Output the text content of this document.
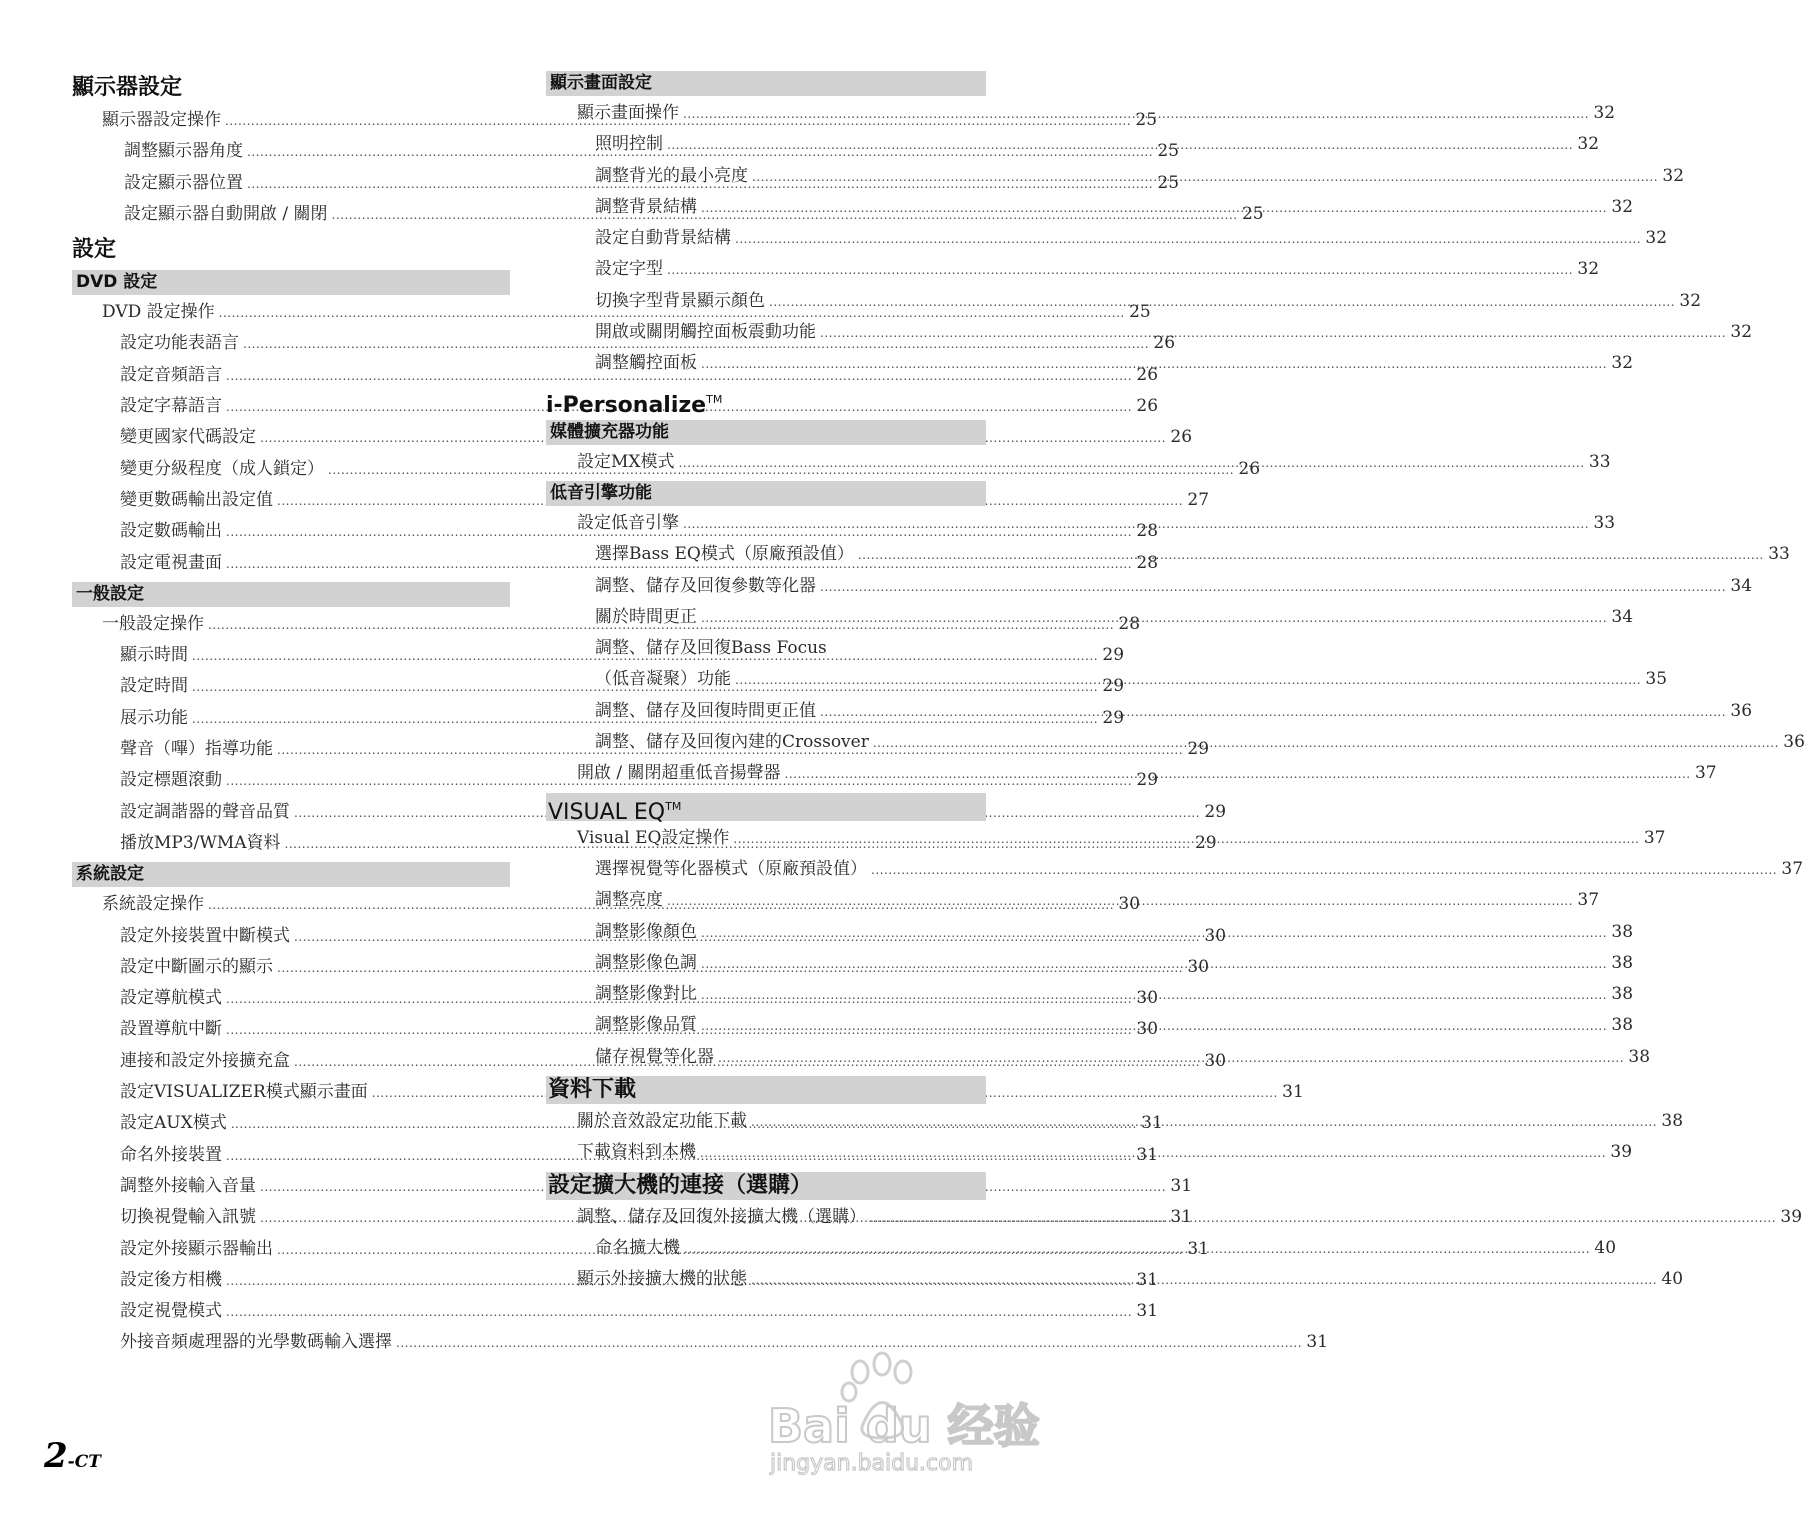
顯示器設定
顯示器設定操作 .....	25
調整顯示器角度 .....	25
設定顯示器位置 .....	25
設定顯示器自動開啟 / 關閉 .....	25
設定
DVD 設定
DVD 設定操作 .....	25
設定功能表語言 .....	26
設定音頻語言 .....	26
設定字幕語言 .....	26
變更國家代碼設定 .....	26
變更分級程度（成人鎖定） .....	26
變更數碼輸出設定值 .....	27
設定數碼輸出 .....	28
設定電視畫面 .....	28
一般設定
一般設定操作 .....	28
顯示時間 .....	29
設定時間 .....	29
展示功能 .....	29
聲音（嗶）指導功能 .....	29
設定標題滾動 .....	29
設定調諧器的聲音品質 .....	29
播放MP3/WMA資料 .....	29
系統設定
系統設定操作 .....	30
設定外接裝置中斷模式 .....	30
設定中斷圖示的顯示 .....	30
設定導航模式 .....	30
設置導航中斷 .....	30
連接和設定外接擴充盒 .....	30
設定VISUALIZER模式顯示畫面 .....	31
設定AUX模式 .....	31
命名外接裝置 .....	31
調整外接輸入音量 .....	31
切換視覺輸入訊號 .....	31
設定外接顯示器輸出 .....	31
設定後方相機 .....	31
設定視覺模式 .....	31
外接音頻處理器的光學數碼輸入選擇 .....	31
顯示畫面設定
顯示畫面操作 .....	32
照明控制 .....	32
調整背光的最小亮度 .....	32
調整背景結構 .....	32
設定自動背景結構 .....	32
設定字型 .....	32
切換字型背景顯示顏色 .....	32
開啟或關閉觸控面板震動功能 .....	32
調整觸控面板 .....	32
i-Personalize™
媒體擴充器功能
設定MX模式 .....	33
低音引擎功能
設定低音引擎 .....	33
選擇Bass EQ模式（原廠預設值） .....	33
調整、儲存及回復參數等化器 .....	34
關於時間更正 .....	34
調整、儲存及回復Bass Focus
（低音凝聚）功能 .....	35
調整、儲存及回復時間更正值 .....	36
調整、儲存及回復內建的Crossover .....	36
開啟 / 關閉超重低音揚聲器 .....	37
VISUAL EQ™
Visual EQ設定操作 .....	37
選擇視覺等化器模式（原廠預設值） .....	37
調整亮度 .....	37
調整影像顏色 .....	38
調整影像色調 .....	38
調整影像對比 .....	38
調整影像品質 .....	38
儲存視覺等化器 .....	38
資料下載
關於音效設定功能下載 .....	38
下載資料到本機 .....	39
設定擴大機的連接（選購）
調整、儲存及回復外接擴大機（選購） .....	39
命名擴大機 .....	40
顯示外接擴大機的狀態 .....	40
2-CT
Bai du 经验
jingyan.baidu.com
